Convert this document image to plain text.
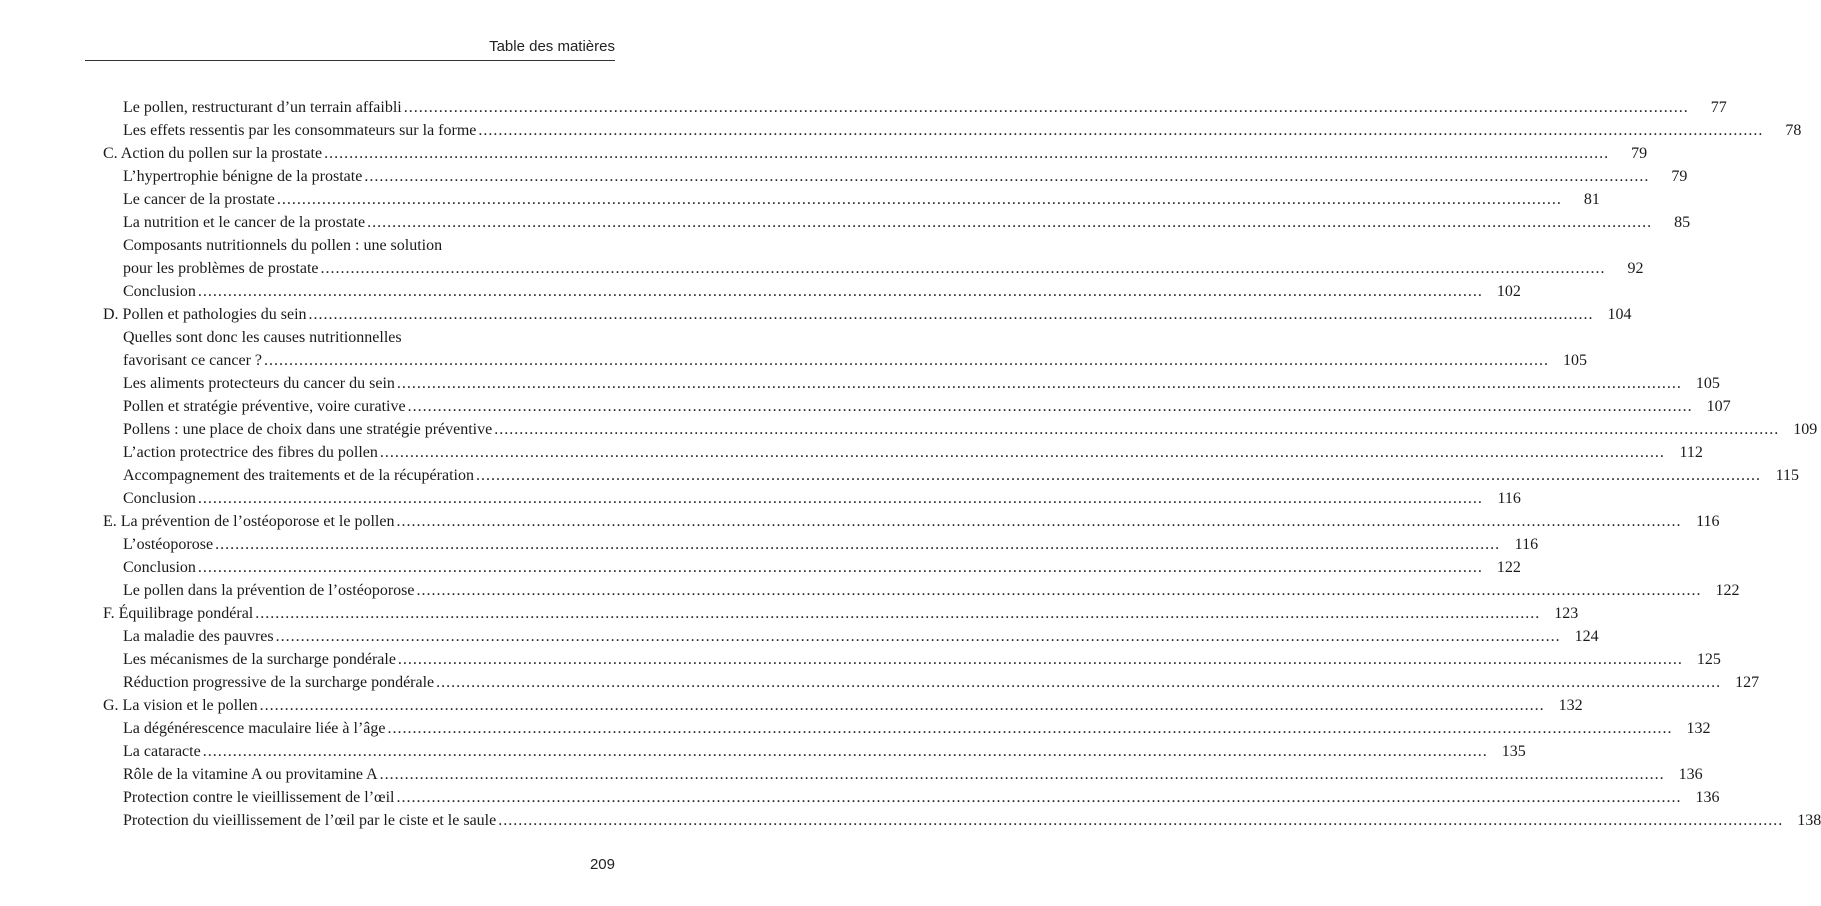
Table des matières
Le pollen, restructurant d’un terrain affaibli .....	77
Les effets ressentis par les consommateurs sur la forme .....	78
C. Action du pollen sur la prostate .....	79
L’hypertrophie bénigne de la prostate .....	79
Le cancer de la prostate .....	81
La nutrition et le cancer de la prostate .....	85
Composants nutritionnels du pollen : une solution
pour les problèmes de prostate .....	92
Conclusion .....	102
D. Pollen et pathologies du sein .....	104
Quelles sont donc les causes nutritionnelles
favorisant ce cancer ? .....	105
Les aliments protecteurs du cancer du sein .....	105
Pollen et stratégie préventive, voire curative .....	107
Pollens : une place de choix dans une stratégie préventive .....	109
L’action protectrice des fibres du pollen .....	112
Accompagnement des traitements et de la récupération .....	115
Conclusion .....	116
E. La prévention de l’ostéoporose et le pollen .....	116
L’ostéoporose .....	116
Conclusion .....	122
Le pollen dans la prévention de l’ostéoporose .....	122
F. Équilibrage pondéral .....	123
La maladie des pauvres .....	124
Les mécanismes de la surcharge pondérale .....	125
Réduction progressive de la surcharge pondérale .....	127
G. La vision et le pollen .....	132
La dégénérescence maculaire liée à l’âge .....	132
La cataracte .....	135
Rôle de la vitamine A ou provitamine A .....	136
Protection contre le vieillissement de l’œil .....	136
Protection du vieillissement de l’œil par le ciste et le saule .....	138
209
